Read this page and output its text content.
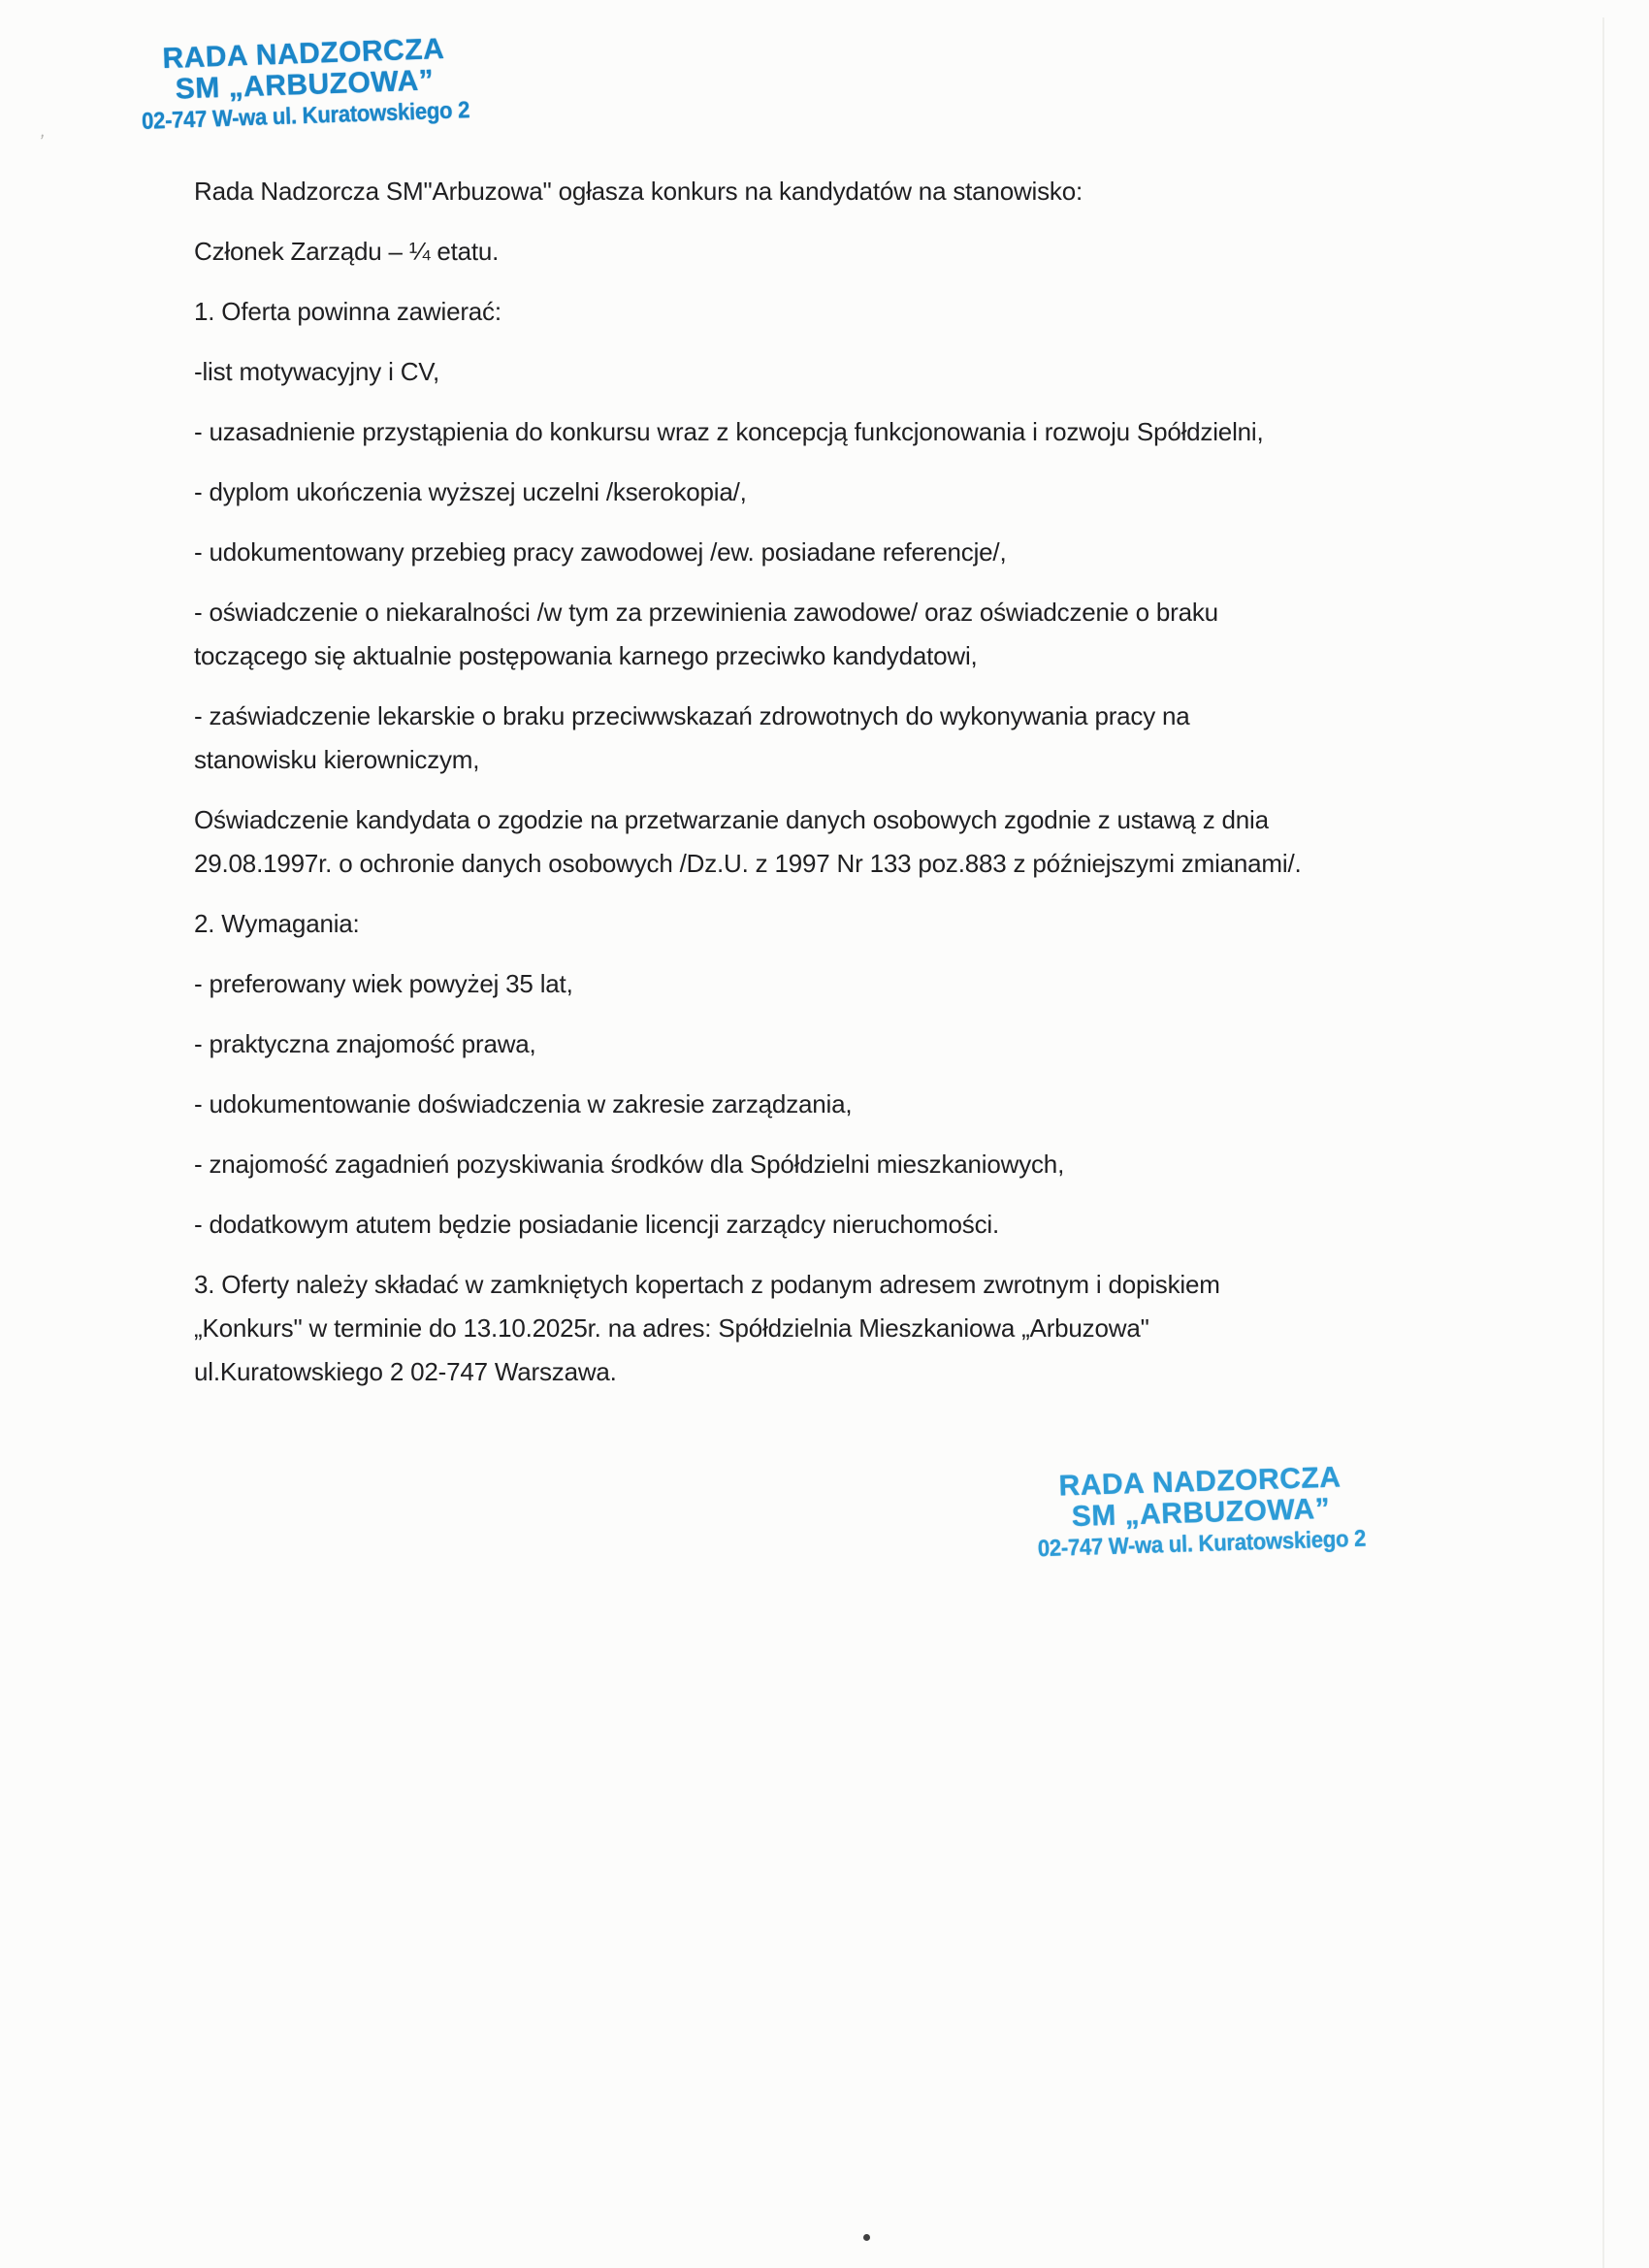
RADA NADZORCZA
SM „ARBUZOWA”
02-747 W-wa ul. Kuratowskiego 2
Rada Nadzorcza SM"Arbuzowa" ogłasza konkurs na kandydatów na stanowisko:
Członek Zarządu – ¼ etatu.
1. Oferta powinna zawierać:
-list motywacyjny i CV,
- uzasadnienie przystąpienia do konkursu wraz z koncepcją funkcjonowania i rozwoju Spółdzielni,
- dyplom ukończenia wyższej uczelni /kserokopia/,
- udokumentowany przebieg pracy zawodowej /ew. posiadane referencje/,
- oświadczenie o niekaralności /w tym za przewinienia zawodowe/ oraz oświadczenie o braku
toczącego się aktualnie postępowania karnego przeciwko kandydatowi,
- zaświadczenie lekarskie o braku przeciwwskazań zdrowotnych do wykonywania pracy na
stanowisku kierowniczym,
Oświadczenie kandydata o zgodzie na przetwarzanie danych osobowych zgodnie z ustawą z dnia
29.08.1997r. o ochronie danych osobowych /Dz.U. z 1997 Nr 133 poz.883 z późniejszymi zmianami/.
2. Wymagania:
- preferowany wiek powyżej 35 lat,
- praktyczna znajomość prawa,
- udokumentowanie doświadczenia w zakresie zarządzania,
- znajomość zagadnień pozyskiwania środków dla Spółdzielni mieszkaniowych,
- dodatkowym atutem będzie posiadanie licencji zarządcy nieruchomości.
3. Oferty należy składać w zamkniętych kopertach z podanym adresem zwrotnym i dopiskiem
„Konkurs" w terminie do 13.10.2025r. na adres: Spółdzielnia Mieszkaniowa „Arbuzowa"
ul.Kuratowskiego 2 02-747 Warszawa.
RADA NADZORCZA
SM „ARBUZOWA”
02-747 W-wa ul. Kuratowskiego 2
,
